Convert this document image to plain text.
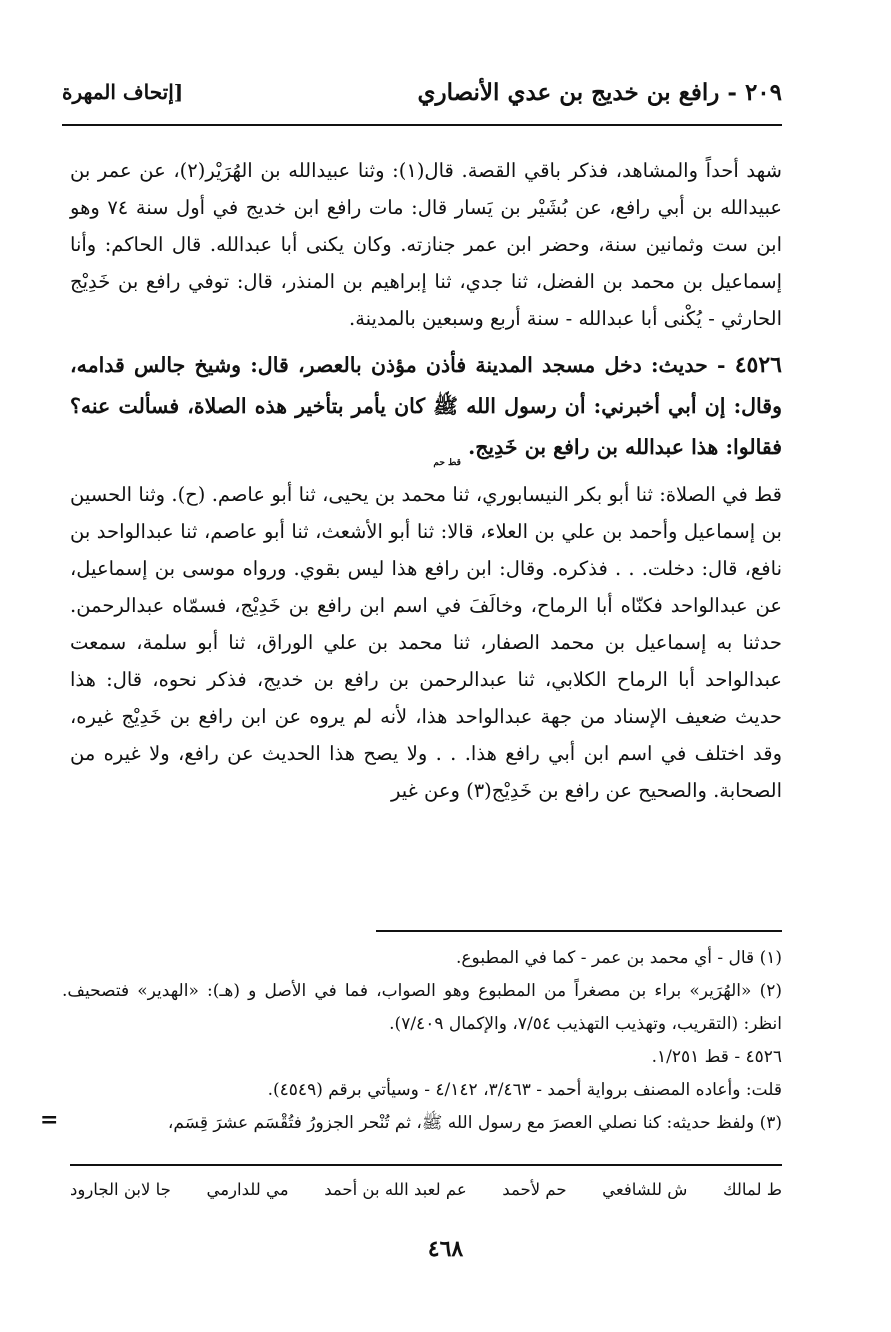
٢٠٩ - رافع بن خديج بن عدي الأنصاري
[إتحاف المهرة

شهد أحداً والمشاهد، فذكر باقي القصة. قال(١): وثنا عبيدالله بن الهُرَيْر(٢)، عن عمر بن عبيدالله بن أبي رافع، عن بُشَيْر بن يَسار قال: مات رافع ابن خديج في أول سنة ٧٤ وهو ابن ست وثمانين سنة، وحضر ابن عمر جنازته. وكان يكنى أبا عبدالله. قال الحاكم: وأنا إسماعيل بن محمد بن الفضل، ثنا جدي، ثنا إبراهيم بن المنذر، قال: توفي رافع بن خَدِيْج الحارثي - يُكْنى أبا عبدالله - سنة أربع وسبعين بالمدينة.

٤٥٢٦ - حديث: دخل مسجد المدينة فأذن مؤذن بالعصر، قال: وشيخ جالس قدامه، وقال: إن أبي أخبرني: أن رسول الله ﷺ كان يأمر بتأخير هذه الصلاة، فسألت عنه؟ فقالوا: هذا عبدالله بن رافع بن خَدِيج. قط حم

قط في الصلاة: ثنا أبو بكر النيسابوري، ثنا محمد بن يحيى، ثنا أبو عاصم. (ح). وثنا الحسين بن إسماعيل وأحمد بن علي بن العلاء، قالا: ثنا أبو الأشعث، ثنا أبو عاصم، ثنا عبدالواحد بن نافع، قال: دخلت. . . فذكره. وقال: ابن رافع هذا ليس بقوي. ورواه موسى بن إسماعيل، عن عبدالواحد فكنّاه أبا الرماح، وخالَفَ في اسم ابن رافع بن خَدِيْج، فسمّاه عبدالرحمن. حدثنا به إسماعيل بن محمد الصفار، ثنا محمد بن علي الوراق، ثنا أبو سلمة، سمعت عبدالواحد أبا الرماح الكلابي، ثنا عبدالرحمن بن رافع بن خديج، فذكر نحوه، قال: هذا حديث ضعيف الإسناد من جهة عبدالواحد هذا، لأنه لم يروه عن ابن رافع بن خَدِيْج غيره، وقد اختلف في اسم ابن أبي رافع هذا. . . ولا يصح هذا الحديث عن رافع، ولا غيره من الصحابة. والصحيح عن رافع بن خَدِيْج(٣) وعن غير

(١) قال - أي محمد بن عمر - كما في المطبوع.

(٢) «الهُرَير» براء بن مصغراً من المطبوع وهو الصواب، فما في الأصل و (هـ): «الهدير» فتصحيف. انظر: (التقريب، وتهذيب التهذيب ٧/٥٤، والإكمال ٧/٤٠٩).

٤٥٢٦ - قط ١/٢٥١.

قلت: وأعاده المصنف برواية أحمد - ٣/٤٦٣، ٤/١٤٢ - وسيأتي برقم (٤٥٤٩).

(٣) ولفظ حديثه: كنا نصلي العصرَ مع رسول الله ﷺ، ثم تُنْحر الجزورُ فتُقْسَم عشرَ قِسَم،

=
ط لمالك
ش للشافعي
حم لأحمد
عم لعبد الله بن أحمد
مي للدارمي
جا لابن الجارود
٤٦٨
